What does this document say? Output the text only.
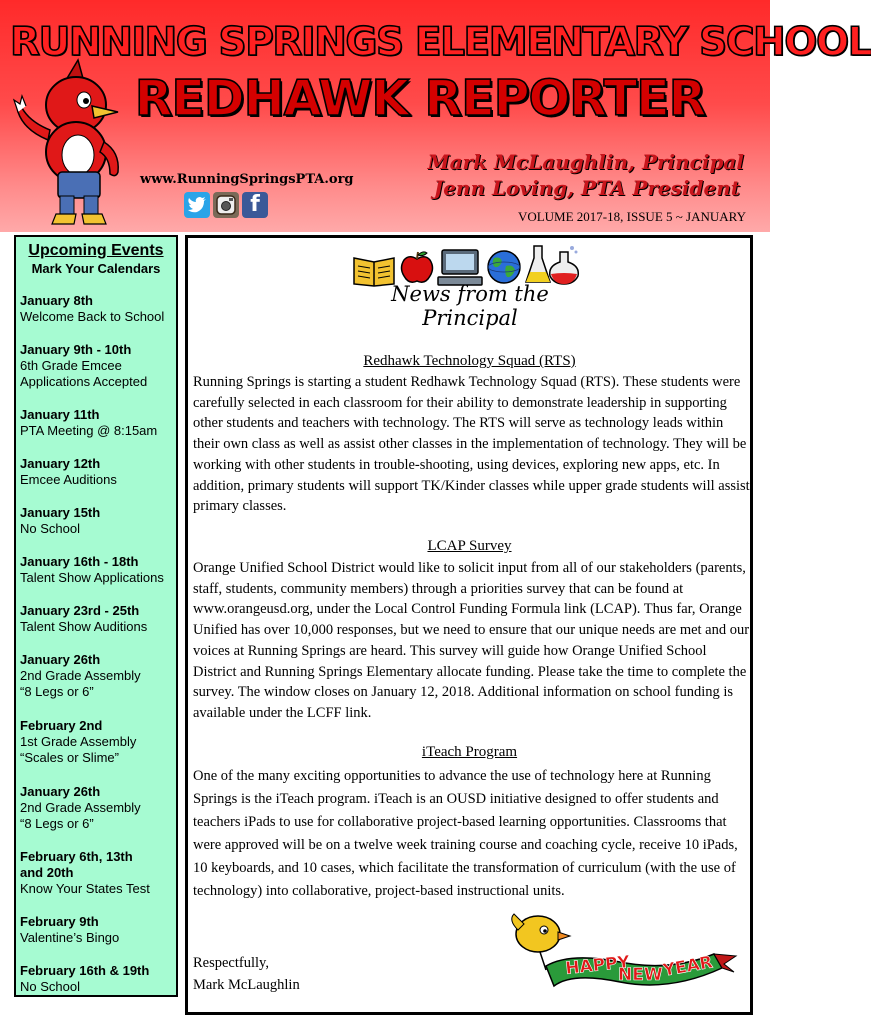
RUNNING SPRINGS ELEMENTARY SCHOOL
REDHAWK REPORTER
www.RunningSpringsPTA.org
f
Mark McLaughlin, Principal
Jenn Loving, PTA President
VOLUME 2017-18, ISSUE 5 ~ JANUARY
Upcoming Events
Mark Your Calendars
January 8th
Welcome Back to School
January 9th - 10th
6th Grade Emcee
Applications Accepted
January 11th
PTA Meeting @ 8:15am
January 12th
Emcee Auditions
January 15th
No School
January 16th - 18th
Talent Show Applications
January 23rd - 25th
Talent Show Auditions
January 26th
2nd Grade Assembly
“8 Legs or 6”
February 2nd
1st Grade Assembly
“Scales or Slime”
January 26th
2nd Grade Assembly
“8 Legs or 6”
February 6th, 13th
and 20th
Know Your States Test
February 9th
Valentine’s Bingo
February 16th & 19th
No School
News from the Principal
Redhawk Technology Squad (RTS)
Running Springs is starting a student Redhawk Technology Squad (RTS). These students were carefully selected in each classroom for their ability to demonstrate leadership in supporting other students and teachers with technology. The RTS will serve as technology leads within their own class as well as assist other classes in the implementation of technology. They will be working with other students in trouble-shooting, using devices, exploring new apps, etc. In addition, primary students will support TK/Kinder classes while upper grade students will assist primary classes.
LCAP Survey
Orange Unified School District would like to solicit input from all of our stakeholders (parents, staff, students, community members) through a priorities survey that can be found at www.orangeusd.org, under the Local Control Funding Formula link (LCAP). Thus far, Orange Unified has over 10,000 responses, but we need to ensure that our unique needs are met and our voices at Running Springs are heard. This survey will guide how Orange Unified School District and Running Springs Elementary allocate funding. Please take the time to complete the survey. The window closes on January 12, 2018. Additional information on school funding is available under the LCFF link.
iTeach Program
One of the many exciting opportunities to advance the use of technology here at Running Springs is the iTeach program. iTeach is an OUSD initiative designed to offer students and teachers iPads to use for collaborative project-based learning opportunities. Classrooms that were approved will be on a twelve week training course and coaching cycle, receive 10 iPads, 10 keyboards, and 10 cases, which facilitate the transformation of curriculum (with the use of technology) into collaborative, project-based instructional units.
Respectfully,
Mark McLaughlin
HAPPY
NEW
YEAR
